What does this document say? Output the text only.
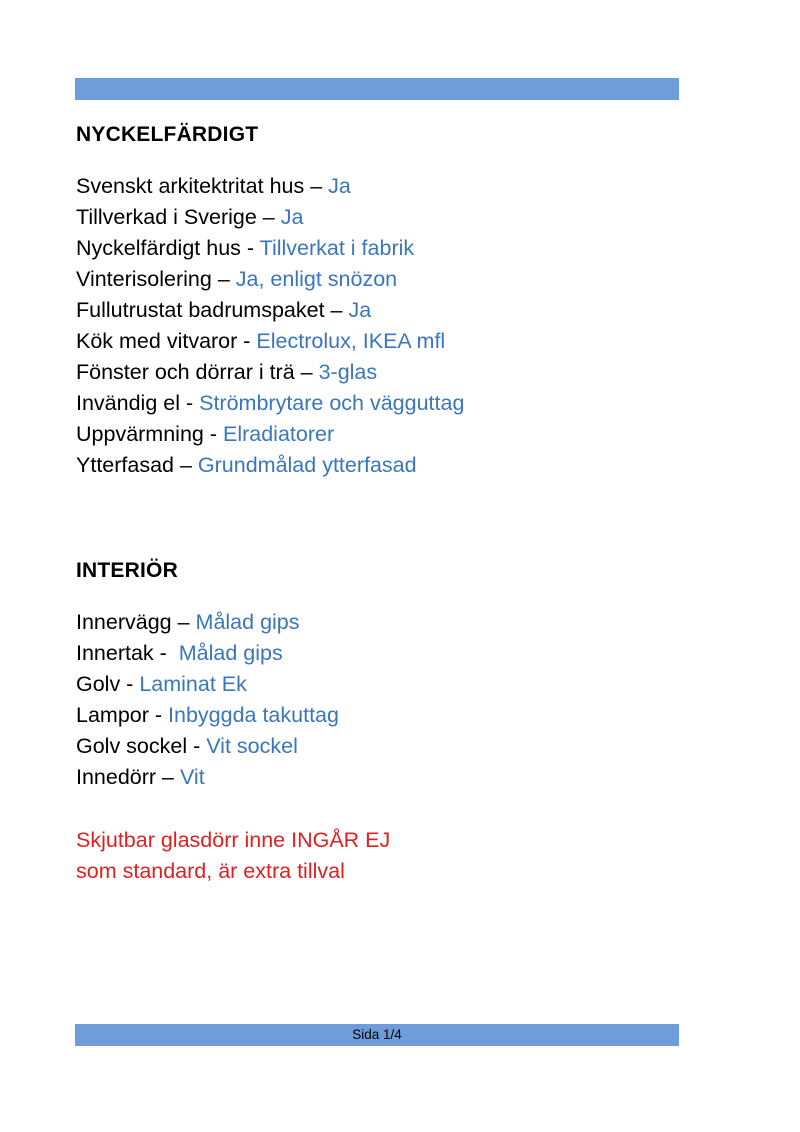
NYCKELFÄRDIGT
Svenskt arkitektritat hus – Ja
Tillverkad i Sverige – Ja
Nyckelfärdigt hus - Tillverkat i fabrik
Vinterisolering – Ja, enligt snözon
Fullutrustat badrumspaket – Ja
Kök med vitvaror - Electrolux, IKEA mfl
Fönster och dörrar i trä – 3-glas
Invändig el - Strömbrytare och vägguttag
Uppvärmning - Elradiatorer
Ytterfasad – Grundmålad ytterfasad
INTERIÖR
Innervägg – Målad gips
Innertak -  Målad gips
Golv - Laminat Ek
Lampor - Inbyggda takuttag
Golv sockel - Vit sockel
Innedörr – Vit
Skjutbar glasdörr inne INGÅR EJ
som standard, är extra tillval
Sida 1/4
